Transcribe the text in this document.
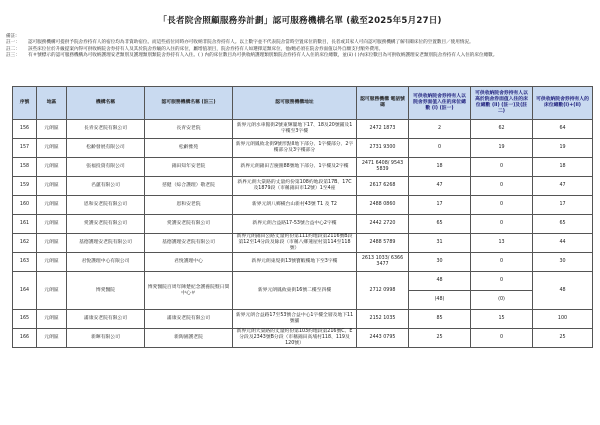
「長者院舍照顧服務券計劃」認可服務機構名單 (截至2025年5月27日)
備註:
註一：	認可服務機構可提供予院舍券持有人的宿位均為非資助宿位。而這些宿位同時亦可收納非院舍券持有人。以上數字並不代表院舍當時空置床位的數目，長者或其家人可向認可服務機構了解有關床位的空置數目／使用情況。
註二：	該些床位位於升級提案內得可供收納院舍券持有人及其於院舍券級的入住的床位，屬增值項目，院舍券持有人如選擇這類床位，他/她必須在院舍券面值以外自願支付額外費用。
註三：	有＃號標示的認可服務機構為可收納護理安老類別及護理類別類院舍券持有人入住。( ) 內的床位數目為可供收納護理類別類院舍券持有人入住的床位總數，並(ii) ( )內床位數目為可供收納護理安老類別院舍券持有人入住的床位總數。
序號	地區	機構名稱	認可服務機構名稱 (註三)	認可服務機構地址	認可服務機構 電話號碼	可供收納院舍券持有人以院舍券面值入住的床位總數 (i) (註一)	可供收納院舍券持有人以高於院舍券面值入住的床位總數 (ii) (註一)及(註二)	可供收納院舍券持有人的床位總數(i)+(ii)
156	元朗區	長青安老院有限公司	長青安老院	新界元朗水車館街2號東輝閣地下17、18及20號鋪及1字樓至3字樓	2472 1873	2	62	64
157	元朗區	松齡發展有限公司	松齡雅苑	新界元朗鳳攸北街9號形點II地下部分、1字樓部分、2字樓部分及3字樓部分	2731 9300	0	19	19
158	元朗區	張福投資有限公司	錦田知年安老院	新界元朗錦田吉慶圍88號地下部分、1字樓及2字樓	2471 6408/ 9543 5839	18	0	18
159	元朗區	名蕙有限公司	慈健（綜合護理）敬老院	新界元朗大棠路的丈量約份第108約地段第17B、17C及1879段（市稱錦田市12號）1至4座	2617 6268	47	0	47
160	元朗區	恩和安老院有限公司	恩和安老院	新界元朗八鄉橫台山新村43號 T1 及 T2	2488 0860	17	0	17
161	元朗區	愛護安老院有限公司	愛護安老院有限公司	新界元朗合益路17-53號合益中心2字樓	2442 2720	65	0	65
162	元朗區	基德護理安老院有限公司	基德護理安老院有限公司	新界元朗錦田公路丈量約份第111約地段第2116號B段第12至14分段及餘段（市稱八鄉蓮屋村第114至118號）	2488 5789	31	13	44
163	元朗區	君悅護理中心有限公司	君悅護理中心	新界元朗東堤街13號寶蝦樓地下至3字樓	2613 1033/ 6366 3477	30	0	30
164	元朗區	博愛醫院	博愛醫院百周年陳楚紀念護養院暨日間中心＃	新界元朗鳳攸東街16號二樓至四樓	2712 0998	48	0	48
						(48)	(0)	
165	元朗區	滿康安老院有限公司	滿康安老院有限公司	新界元朗合益路17至53號合益中心1字樓全層及地下11號舖	2152 1035	85	15	100
166	元朗區	新暉有限公司	新陶園護老院	新界元朗大棠路的丈量約份第103約地段第216號C、E分段及2343號B分段（市稱錦田高埔村118、119及120號）	2443 0795	25	0	25
